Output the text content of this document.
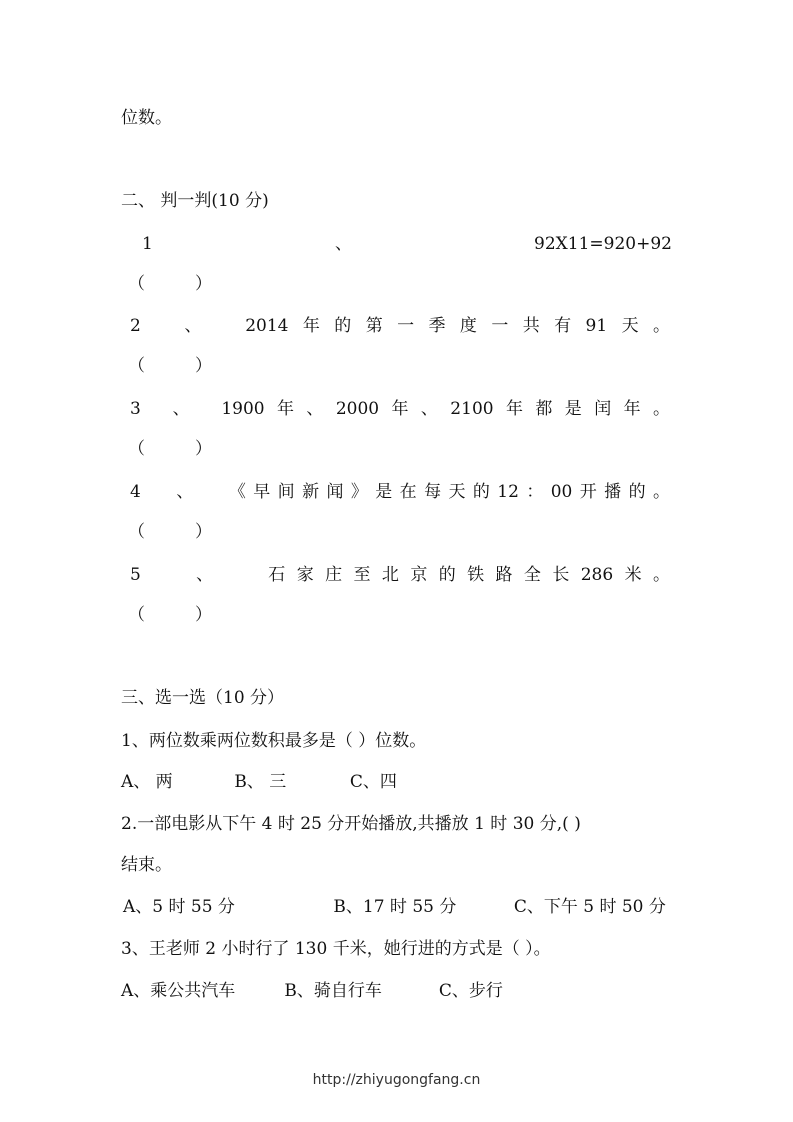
位数。
二、 判一判(10 分)
1	、	92X11=920+92
（	）
2	、	2014 年 的 第 一 季 度 一 共 有 91 天 。
（	）
3 、 1900 年 、 2000 年 、 2100 年 都 是 闰 年 。
（	）
4 、 《 早 间 新 闻 》 是 在 每 天 的 12 ： 00 开 播 的 。
（	）
5	、	石 家 庄 至 北 京 的 铁 路 全 长 286 米 。
（	）
三、选一选（10 分）
1、两位数乘两位数积最多是（ ）位数。
A、 两	B、 三	C、四
2.一部电影从下午 4 时 25 分开始播放,共播放 1 时 30 分,( )
结束。
A、5 时 55 分	B、17 时 55 分	C、下午 5 时 50 分
3、王老师 2 小时行了 130 千米，她行进的方式是（ ）。
A、乘公共汽车	B、骑自行车	C、步行
http://zhiyugongfang.cn
